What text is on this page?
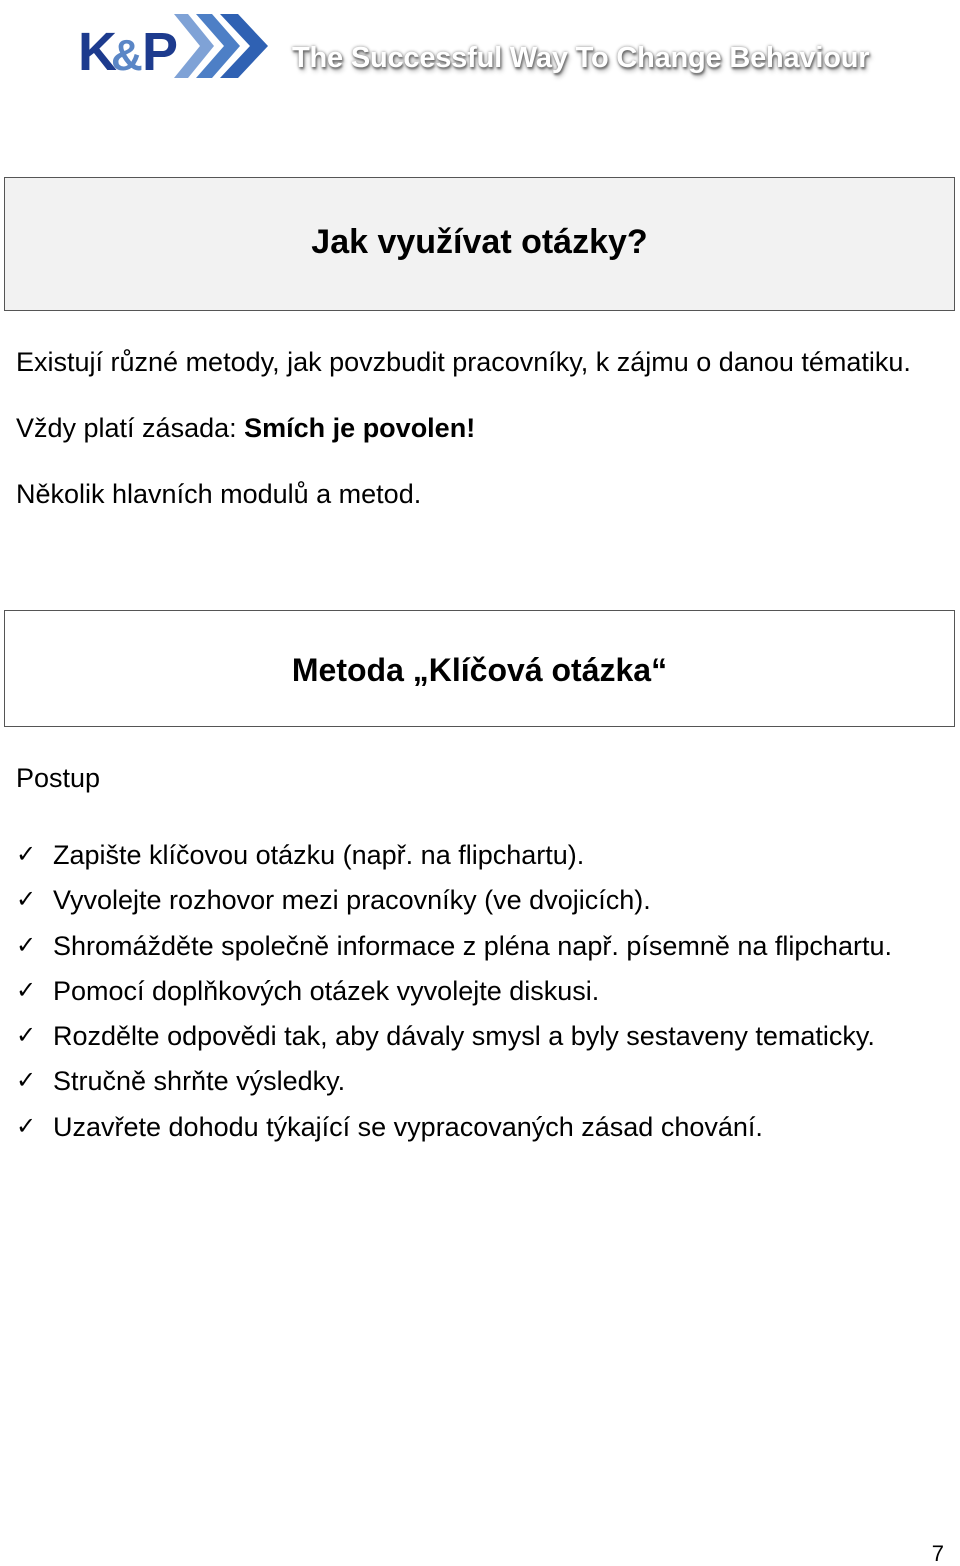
K
& P	The Successful Way To Change Behaviour
Jak využívat otázky?

Existují různé metody, jak povzbudit pracovníky, k zájmu o danou tématiku.

Vždy platí zásada: Smích je povolen!

Několik hlavních modulů a metod.

Metoda „Klíčová otázka“
Postup
✓ Zapište klíčovou otázku (např. na flipchartu).
✓ Vyvolejte rozhovor mezi pracovníky (ve dvojicích).
✓ Shromážděte společně informace z pléna např. písemně na flipchartu.
✓ Pomocí doplňkových otázek vyvolejte diskusi.
✓ Rozdělte odpovědi tak, aby dávaly smysl a byly sestaveny tematicky.
✓ Stručně shrňte výsledky.
✓ Uzavřete dohodu týkající se vypracovaných zásad chování.
7
